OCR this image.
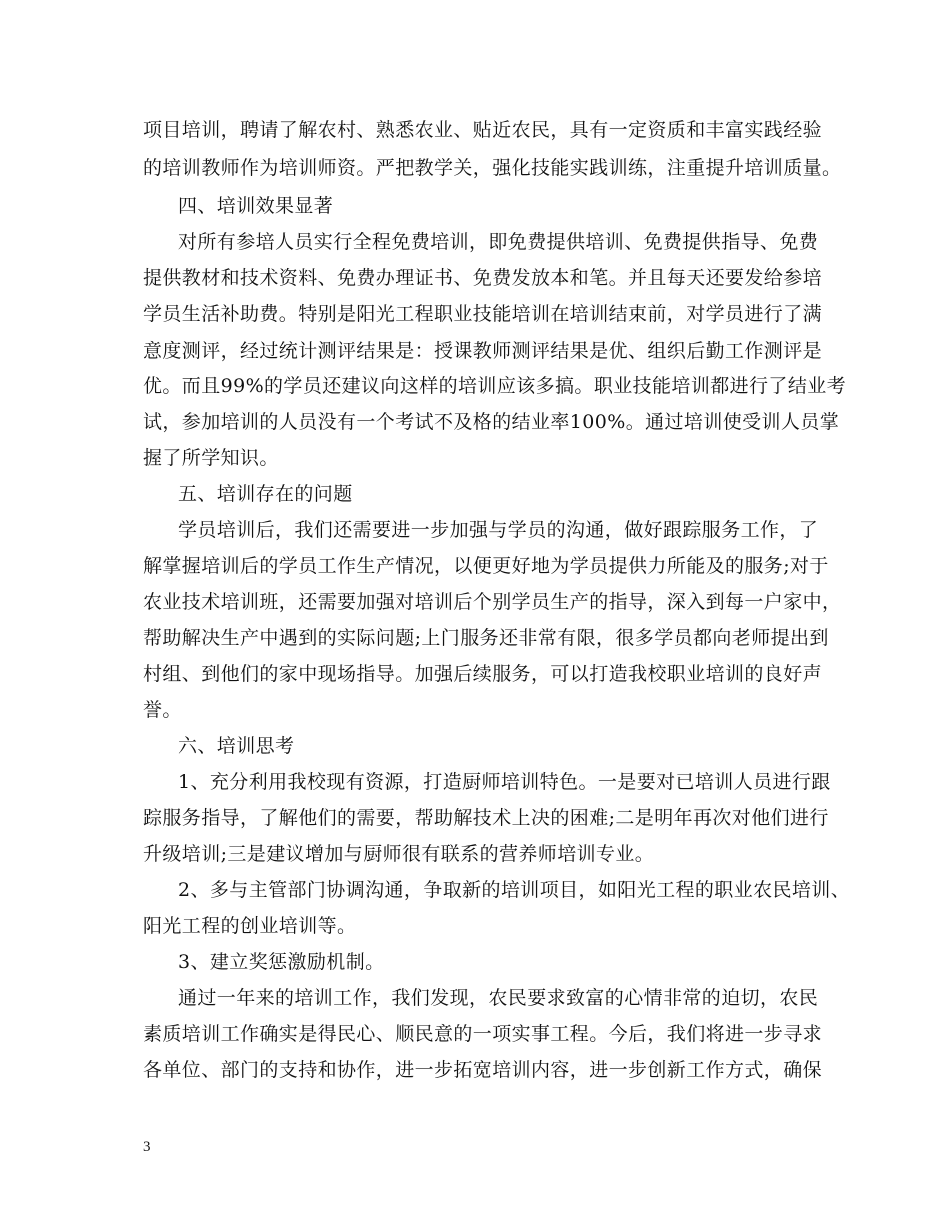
项目培训，聘请了解农村、熟悉农业、贴近农民，具有一定资质和丰富实践经验
的培训教师作为培训师资。严把教学关，强化技能实践训练，注重提升培训质量。
四、培训效果显著
对所有参培人员实行全程免费培训，即免费提供培训、免费提供指导、免费
提供教材和技术资料、免费办理证书、免费发放本和笔。并且每天还要发给参培
学员生活补助费。特别是阳光工程职业技能培训在培训结束前，对学员进行了满
意度测评，经过统计测评结果是：授课教师测评结果是优、组织后勤工作测评是
优。而且99%的学员还建议向这样的培训应该多搞。职业技能培训都进行了结业考
试，参加培训的人员没有一个考试不及格的结业率100%。通过培训使受训人员掌
握了所学知识。
五、培训存在的问题
学员培训后，我们还需要进一步加强与学员的沟通，做好跟踪服务工作，了
解掌握培训后的学员工作生产情况，以便更好地为学员提供力所能及的服务;对于
农业技术培训班，还需要加强对培训后个别学员生产的指导，深入到每一户家中，
帮助解决生产中遇到的实际问题;上门服务还非常有限，很多学员都向老师提出到
村组、到他们的家中现场指导。加强后续服务，可以打造我校职业培训的良好声
誉。
六、培训思考
1、充分利用我校现有资源，打造厨师培训特色。一是要对已培训人员进行跟
踪服务指导，了解他们的需要，帮助解技术上决的困难;二是明年再次对他们进行
升级培训;三是建议增加与厨师很有联系的营养师培训专业。
2、多与主管部门协调沟通，争取新的培训项目，如阳光工程的职业农民培训、
阳光工程的创业培训等。
3、建立奖惩激励机制。
通过一年来的培训工作，我们发现，农民要求致富的心情非常的迫切，农民
素质培训工作确实是得民心、顺民意的一项实事工程。今后，我们将进一步寻求
各单位、部门的支持和协作，进一步拓宽培训内容，进一步创新工作方式，确保
3
